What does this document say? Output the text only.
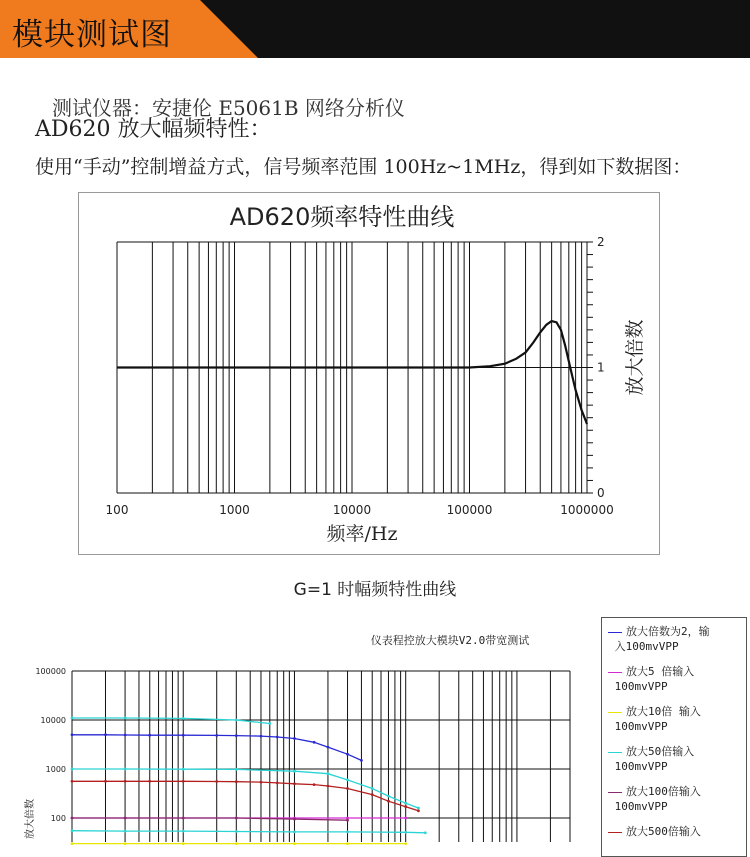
模块测试图
测试仪器：安捷伦 E5061B 网络分析仪
AD620 放大幅频特性：
使用“手动”控制增益方式，信号频率范围 100Hz~1MHz，得到如下数据图：
AD620频率特性曲线
0
1
2
100	1000	10000	100000	1000000
频率/Hz
放大倍数
G=1 时幅频特性曲线
仪表程控放大模块V2.0带宽测试
100000
10000
1000
100
放大倍数
放大倍数为2，输
入100mvVPP
放大5 倍输入
100mvVPP
放大10倍 输入
100mvVPP
放大50倍输入
100mvVPP
放大100倍输入
100mvVPP
放大500倍输入
